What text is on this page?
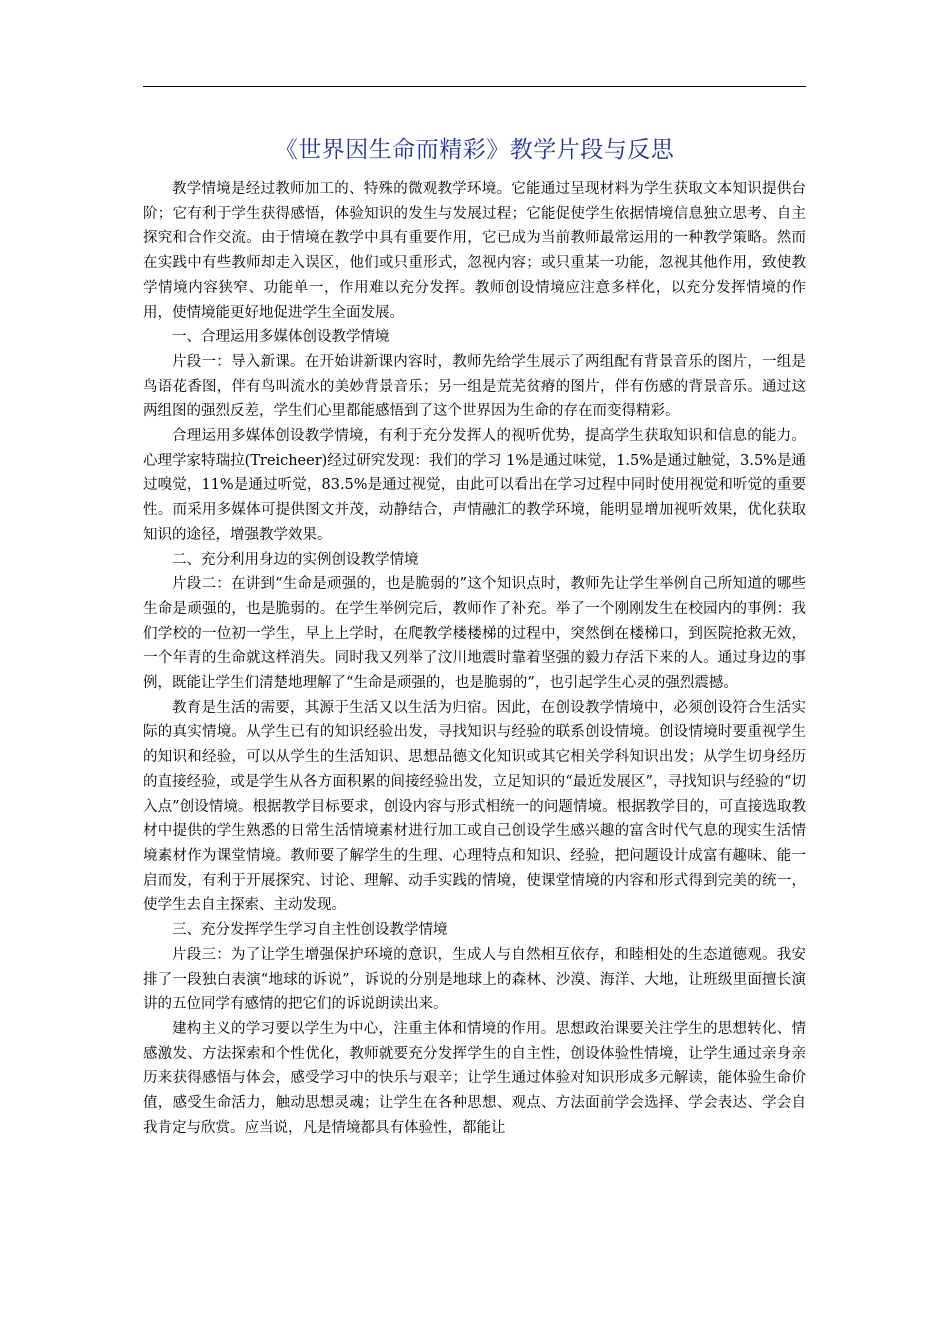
《世界因生命而精彩》教学片段与反思

教学情境是经过教师加工的、特殊的微观教学环境。它能通过呈现材料为学生获取文本知识提供台阶；它有利于学生获得感悟，体验知识的发生与发展过程；它能促使学生依据情境信息独立思考、自主探究和合作交流。由于情境在教学中具有重要作用，它已成为当前教师最常运用的一种教学策略。然而在实践中有些教师却走入误区，他们或只重形式，忽视内容；或只重某一功能，忽视其他作用，致使教学情境内容狭窄、功能单一，作用难以充分发挥。教师创设情境应注意多样化，以充分发挥情境的作用，使情境能更好地促进学生全面发展。

一、合理运用多媒体创设教学情境

片段一：导入新课。在开始讲新课内容时，教师先给学生展示了两组配有背景音乐的图片，一组是鸟语花香图，伴有鸟叫流水的美妙背景音乐；另一组是荒芜贫瘠的图片，伴有伤感的背景音乐。通过这两组图的强烈反差，学生们心里都能感悟到了这个世界因为生命的存在而变得精彩。

合理运用多媒体创设教学情境，有利于充分发挥人的视听优势，提高学生获取知识和信息的能力。心理学家特瑞拉(Treicheer)经过研究发现：我们的学习 1%是通过味觉，1.5%是通过触觉，3.5%是通过嗅觉，11%是通过听觉，83.5%是通过视觉，由此可以看出在学习过程中同时使用视觉和听觉的重要性。而采用多媒体可提供图文并茂，动静结合，声情融汇的教学环境，能明显增加视听效果，优化获取知识的途径，增强教学效果。

二、充分利用身边的实例创设教学情境

片段二：在讲到“生命是顽强的，也是脆弱的”这个知识点时，教师先让学生举例自己所知道的哪些生命是顽强的，也是脆弱的。在学生举例完后，教师作了补充。举了一个刚刚发生在校园内的事例：我们学校的一位初一学生，早上上学时，在爬教学楼楼梯的过程中，突然倒在楼梯口，到医院抢救无效，一个年青的生命就这样消失。同时我又列举了汶川地震时靠着坚强的毅力存活下来的人。通过身边的事例，既能让学生们清楚地理解了“生命是顽强的，也是脆弱的”，也引起学生心灵的强烈震撼。

教育是生活的需要，其源于生活又以生活为归宿。因此，在创设教学情境中，必须创设符合生活实际的真实情境。从学生已有的知识经验出发，寻找知识与经验的联系创设情境。创设情境时要重视学生的知识和经验，可以从学生的生活知识、思想品德文化知识或其它相关学科知识出发；从学生切身经历的直接经验，或是学生从各方面积累的间接经验出发，立足知识的“最近发展区”，寻找知识与经验的“切入点”创设情境。根据教学目标要求，创设内容与形式相统一的问题情境。根据教学目的，可直接选取教材中提供的学生熟悉的日常生活情境素材进行加工或自己创设学生感兴趣的富含时代气息的现实生活情境素材作为课堂情境。教师要了解学生的生理、心理特点和知识、经验，把问题设计成富有趣味、能一启而发，有利于开展探究、讨论、理解、动手实践的情境，使课堂情境的内容和形式得到完美的统一，使学生去自主探索、主动发现。

三、充分发挥学生学习自主性创设教学情境

片段三：为了让学生增强保护环境的意识，生成人与自然相互依存，和睦相处的生态道德观。我安排了一段独白表演“地球的诉说”，诉说的分别是地球上的森林、沙漠、海洋、大地，让班级里面擅长演讲的五位同学有感情的把它们的诉说朗读出来。

建构主义的学习要以学生为中心，注重主体和情境的作用。思想政治课要关注学生的思想转化、情感激发、方法探索和个性优化，教师就要充分发挥学生的自主性，创设体验性情境，让学生通过亲身亲历来获得感悟与体会，感受学习中的快乐与艰辛；让学生通过体验对知识形成多元解读，能体验生命价值，感受生命活力，触动思想灵魂；让学生在各种思想、观点、方法面前学会选择、学会表达、学会自我肯定与欣赏。应当说，凡是情境都具有体验性，都能让
